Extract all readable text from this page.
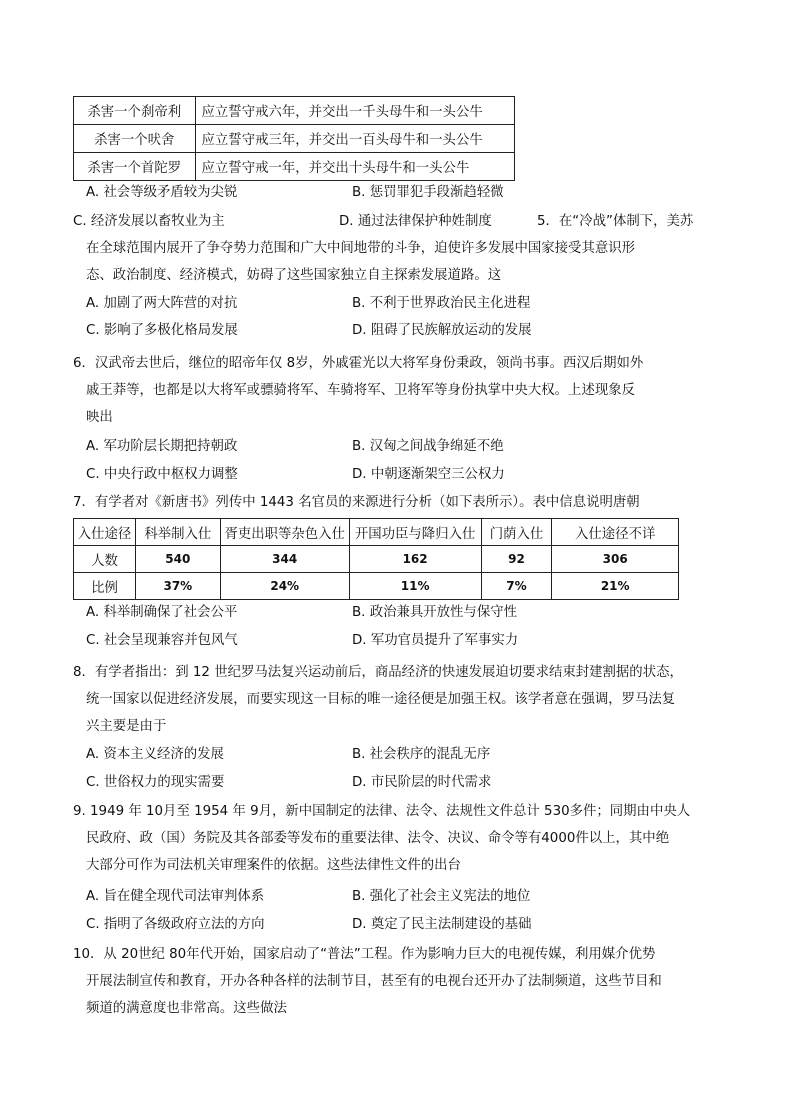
杀害一个刹帝利	应立誓守戒六年，并交出一千头母牛和一头公牛
杀害一个吠舍	应立誓守戒三年，并交出一百头母牛和一头公牛
杀害一个首陀罗	应立誓守戒一年，并交出十头母牛和一头公牛
A. 社会等级矛盾较为尖锐	B. 惩罚罪犯手段渐趋轻微
C. 经济发展以畜牧业为主	D. 通过法律保护种姓制度	5．在“冷战”体制下，美苏
在全球范围内展开了争夺势力范围和广大中间地带的斗争，迫使许多发展中国家接受其意识形
态、政治制度、经济模式，妨碍了这些国家独立自主探索发展道路。这
A. 加剧了两大阵营的对抗	B. 不利于世界政治民主化进程
C. 影响了多极化格局发展	D. 阻碍了民族解放运动的发展
6．汉武帝去世后，继位的昭帝年仅 8岁，外戚霍光以大将军身份秉政，领尚书事。西汉后期如外
戚王莽等，也都是以大将军或骠骑将军、车骑将军、卫将军等身份执掌中央大权。上述现象反
映出
A. 军功阶层长期把持朝政	B. 汉匈之间战争绵延不绝
C. 中央行政中枢权力调整	D. 中朝逐渐架空三公权力
7．有学者对《新唐书》列传中 1443 名官员的来源进行分析（如下表所示）。表中信息说明唐朝
入仕途径	科举制入仕	胥吏出职等杂色入仕	开国功臣与降归入仕	门荫入仕	入仕途径不详
人数	540	344	162	92	306
比例	37%	24%	11%	7%	21%
A. 科举制确保了社会公平	B. 政治兼具开放性与保守性
C. 社会呈现兼容并包风气	D. 军功官员提升了军事实力
8．有学者指出：到 12 世纪罗马法复兴运动前后，商品经济的快速发展迫切要求结束封建割据的状态，
统一国家以促进经济发展，而要实现这一目标的唯一途径便是加强王权。该学者意在强调，罗马法复
兴主要是由于
A. 资本主义经济的发展	B. 社会秩序的混乱无序
C. 世俗权力的现实需要	D. 市民阶层的时代需求
9. 1949 年 10月至 1954 年 9月，新中国制定的法律、法令、法规性文件总计 530多件；同期由中央人
民政府、政（国）务院及其各部委等发布的重要法律、法令、决议、命令等有4000件以上，其中绝
大部分可作为司法机关审理案件的依据。这些法律性文件的出台
A. 旨在健全现代司法审判体系	B. 强化了社会主义宪法的地位
C. 指明了各级政府立法的方向	D. 奠定了民主法制建设的基础
10．从 20世纪 80年代开始，国家启动了“普法”工程。作为影响力巨大的电视传媒，利用媒介优势
开展法制宣传和教育，开办各种各样的法制节目，甚至有的电视台还开办了法制频道，这些节目和
频道的满意度也非常高。这些做法
